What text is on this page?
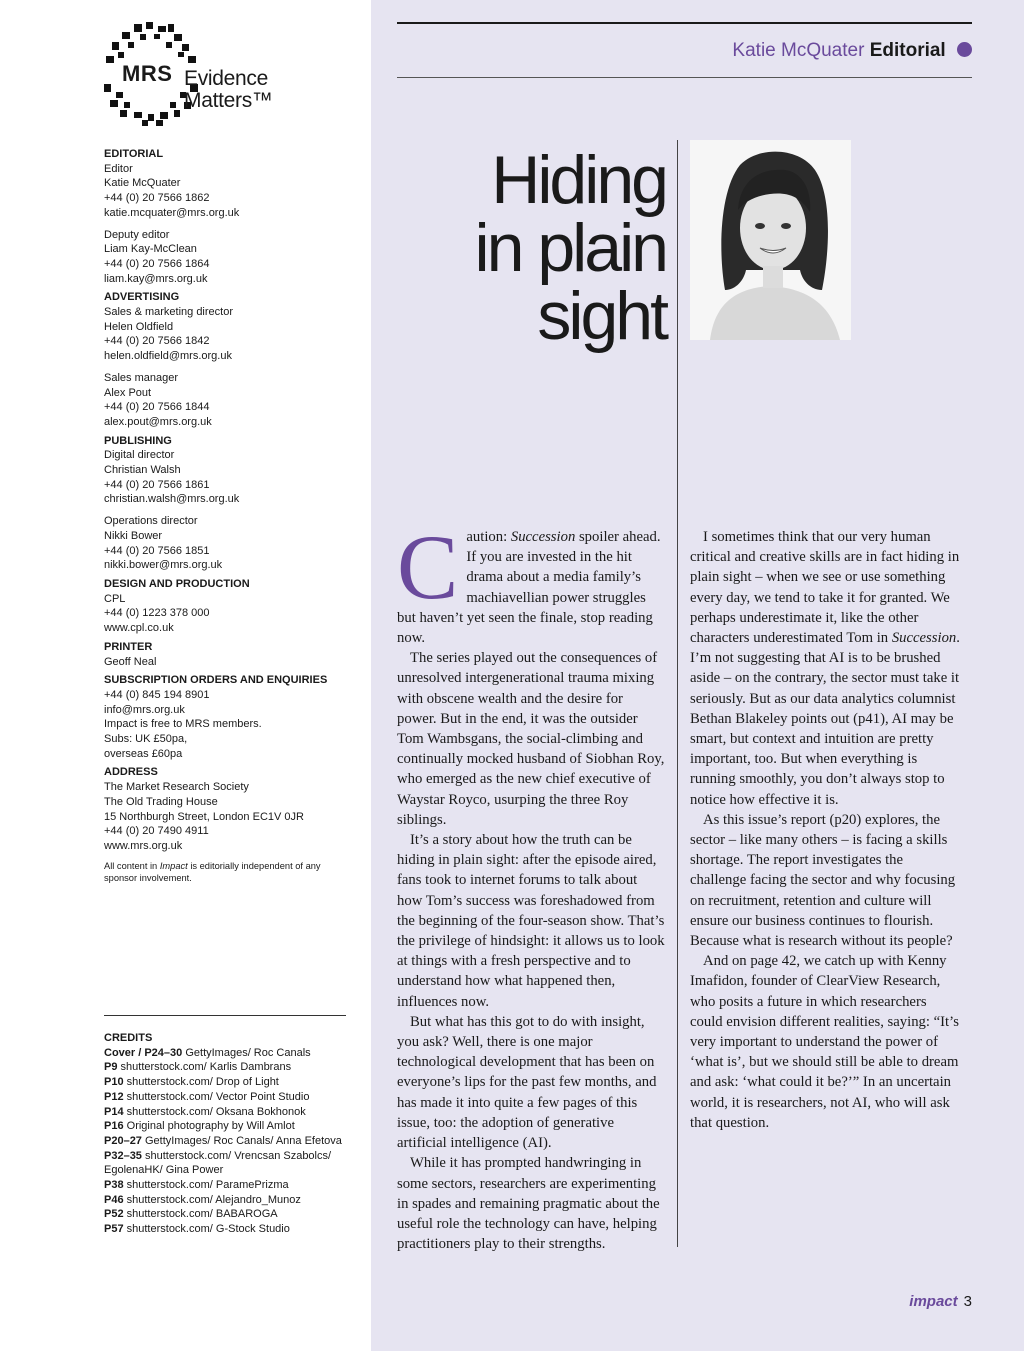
MRS Evidence
Matters™
EDITORIAL
Editor
Katie McQuater
+44 (0) 20 7566 1862
katie.mcquater@mrs.org.uk
Deputy editor
Liam Kay-McClean
+44 (0) 20 7566 1864
liam.kay@mrs.org.uk
ADVERTISING
Sales & marketing director
Helen Oldfield
+44 (0) 20 7566 1842
helen.oldfield@mrs.org.uk
Sales manager
Alex Pout
+44 (0) 20 7566 1844
alex.pout@mrs.org.uk
PUBLISHING
Digital director
Christian Walsh
+44 (0) 20 7566 1861
christian.walsh@mrs.org.uk
Operations director
Nikki Bower
+44 (0) 20 7566 1851
nikki.bower@mrs.org.uk
DESIGN AND PRODUCTION
CPL
+44 (0) 1223 378 000
www.cpl.co.uk
PRINTER
Geoff Neal
SUBSCRIPTION ORDERS AND ENQUIRIES
+44 (0) 845 194 8901
info@mrs.org.uk
Impact is free to MRS members.
Subs: UK £50pa,
overseas £60pa
ADDRESS
The Market Research Society
The Old Trading House
15 Northburgh Street, London EC1V 0JR
+44 (0) 20 7490 4911
www.mrs.org.uk
All content in Impact is editorially independent of any sponsor involvement.
CREDITS
Cover / P24–30 GettyImages/ Roc Canals
P9 shutterstock.com/ Karlis Dambrans
P10 shutterstock.com/ Drop of Light
P12 shutterstock.com/ Vector Point Studio
P14 shutterstock.com/ Oksana Bokhonok
P16 Original photography by Will Amlot
P20–27 GettyImages/ Roc Canals/ Anna Efetova
P32–35 shutterstock.com/ Vrencsan Szabolcs/ EgolenaHK/ Gina Power
P38 shutterstock.com/ ParamePrizma
P46 shutterstock.com/ Alejandro_Munoz
P52 shutterstock.com/ BABAROGA
P57 shutterstock.com/ G-Stock Studio
Katie McQuater Editorial
Hiding
in plain
sight

Caution: Succession spoiler ahead. If you are invested in the hit drama about a media family’s machiavellian power struggles but haven’t yet seen the finale, stop reading now.

The series played out the consequences of unresolved intergenerational trauma mixing with obscene wealth and the desire for power. But in the end, it was the outsider Tom Wambsgans, the social-climbing and continually mocked husband of Siobhan Roy, who emerged as the new chief executive of Waystar Royco, usurping the three Roy siblings.

It’s a story about how the truth can be hiding in plain sight: after the episode aired, fans took to internet forums to talk about how Tom’s success was foreshadowed from the beginning of the four-season show. That’s the privilege of hindsight: it allows us to look at things with a fresh perspective and to understand how what happened then, influences now.

But what has this got to do with insight, you ask? Well, there is one major technological development that has been on everyone’s lips for the past few months, and has made it into quite a few pages of this issue, too: the adoption of generative artificial intelligence (AI).

While it has prompted handwringing in some sectors, researchers are experimenting in spades and remaining pragmatic about the useful role the technology can have, helping practitioners play to their strengths.

I sometimes think that our very human critical and creative skills are in fact hiding in plain sight – when we see or use something every day, we tend to take it for granted. We perhaps underestimate it, like the other characters underestimated Tom in Succession. I’m not suggesting that AI is to be brushed aside – on the contrary, the sector must take it seriously. But as our data analytics columnist Bethan Blakeley points out (p41), AI may be smart, but context and intuition are pretty important, too. But when everything is running smoothly, you don’t always stop to notice how effective it is.

As this issue’s report (p20) explores, the sector – like many others – is facing a skills shortage. The report investigates the challenge facing the sector and why focusing on recruitment, retention and culture will ensure our business continues to flourish. Because what is research without its people?

And on page 42, we catch up with Kenny Imafidon, founder of ClearView Research, who posits a future in which researchers could envision different realities, saying: “It’s very important to understand the power of ‘what is’, but we should still be able to dream and ask: ‘what could it be?’” In an uncertain world, it is researchers, not AI, who will ask that question.

impact 3
